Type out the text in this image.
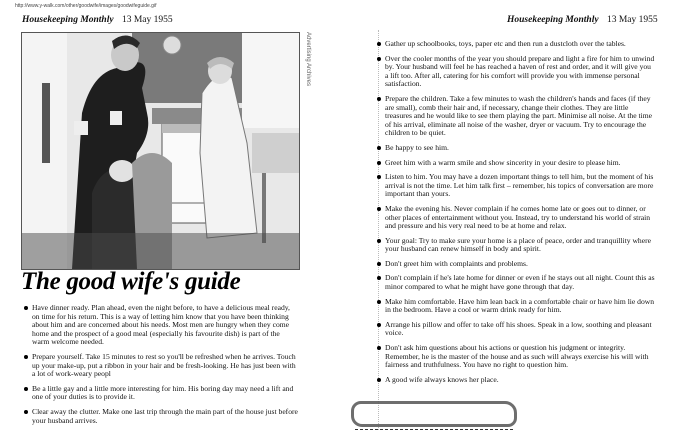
http://www.y-walk.com/other/goodwife/images/goodwifeguide.gif
Housekeeping Monthly 13 May 1955	Housekeeping Monthly 13 May 1955
Advertising Archives
The good wife's guide
Have dinner ready. Plan ahead, even the night before, to have a delicious meal ready, on time for his return. This is a way of letting him know that you have been thinking about him and are concerned about his needs. Most men are hungry when they come home and the prospect of a good meal (especially his favourite dish) is part of the warm welcome needed.
Prepare yourself. Take 15 minutes to rest so you'll be refreshed when he arrives. Touch up your make-up, put a ribbon in your hair and be fresh-looking. He has just been with a lot of work-weary peopl
Be a little gay and a little more interesting for him. His boring day may need a lift and one of your duties is to provide it.
Clear away the clutter. Make one last trip through the main part of the house just before your husband arrives.
Gather up schoolbooks, toys, paper etc and then run a dustcloth over the tables.
Over the cooler months of the year you should prepare and light a fire for him to unwind by. Your husband will feel he has reached a haven of rest and order, and it will give you a lift too. After all, catering for his comfort will provide you with immense personal satisfaction.
Prepare the children. Take a few minutes to wash the children's hands and faces (if they are small), comb their hair and, if necessary, change their clothes. They are little treasures and he would like to see them playing the part. Minimise all noise. At the time of his arrival, eliminate all noise of the washer, dryer or vacuum. Try to encourage the children to be quiet.
Be happy to see him.
Greet him with a warm smile and show sincerity in your desire to please him.
Listen to him. You may have a dozen important things to tell him, but the moment of his arrival is not the time. Let him talk first – remember, his topics of conversation are more important than yours.
Make the evening his. Never complain if he comes home late or goes out to dinner, or other places of entertainment without you. Instead, try to understand his world of strain and pressure and his very real need to be at home and relax.
Your goal: Try to make sure your home is a place of peace, order and tranquillity where your husband can renew himself in body and spirit.
Don't greet him with complaints and problems.
Don't complain if he's late home for dinner or even if he stays out all night. Count this as minor compared to what he might have gone through that day.
Make him comfortable. Have him lean back in a comfortable chair or have him lie down in the bedroom. Have a cool or warm drink ready for him.
Arrange his pillow and offer to take off his shoes. Speak in a low, soothing and pleasant voice.
Don't ask him questions about his actions or question his judgment or integrity. Remember, he is the master of the house and as such will always exercise his will with fairness and truthfulness. You have no right to question him.
A good wife always knows her place.
